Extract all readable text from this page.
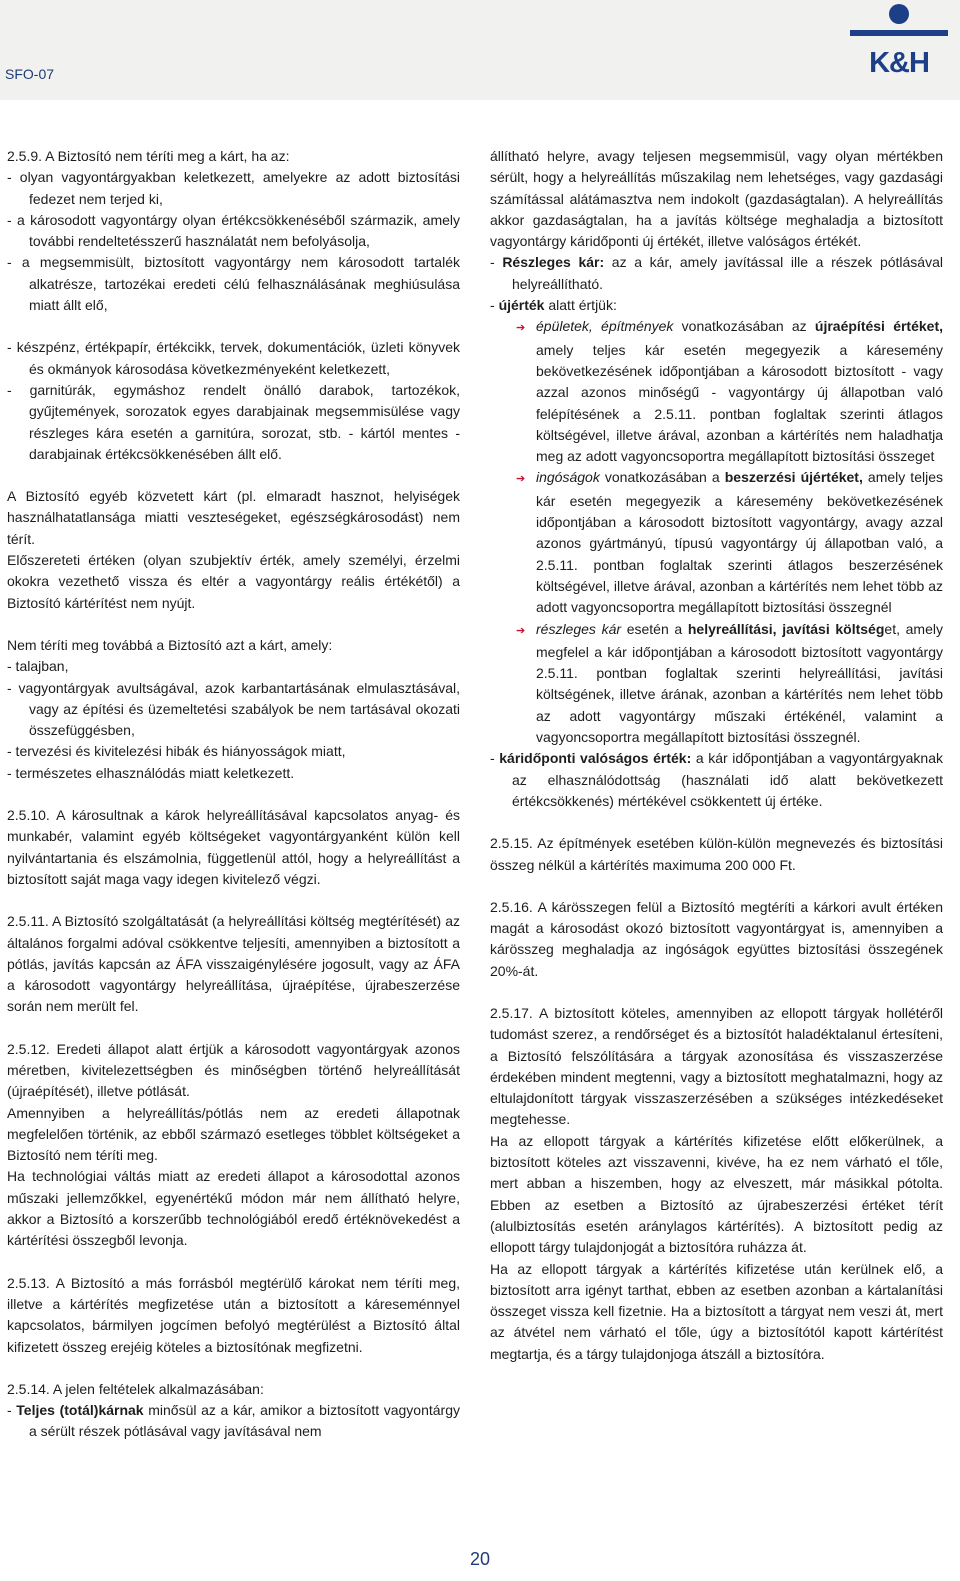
SFO-07	K&H

2.5.9. A Biztosító nem téríti meg a kárt, ha az:

- olyan vagyontárgyakban keletkezett, amelyekre az adott biztosítási fedezet nem terjed ki,

- a károsodott vagyontárgy olyan értékcsökkenéséből származik, amely további rendeltetésszerű használatát nem befolyásolja,

- a megsemmisült, biztosított vagyontárgy nem károsodott tartalék alkatrésze, tartozékai eredeti célú felhasználásának meghiúsulása miatt állt elő,

- készpénz, értékpapír, értékcikk, tervek, dokumentációk, üzleti könyvek és okmányok károsodása következményeként keletkezett,

- garnitúrák, egymáshoz rendelt önálló darabok, tartozékok, gyűjtemények, sorozatok egyes darabjainak megsemmisülése vagy részleges kára esetén a garnitúra, sorozat, stb. - kártól mentes - darabjainak értékcsökkenésében állt elő.

A Biztosító egyéb közvetett kárt (pl. elmaradt hasznot, helyiségek használhatatlansága miatti veszteségeket, egészségkárosodást) nem térít.

Előszereteti értéken (olyan szubjektív érték, amely személyi, érzelmi okokra vezethető vissza és eltér a vagyontárgy reális értékétől) a Biztosító kártérítést nem nyújt.

Nem téríti meg továbbá a Biztosító azt a kárt, amely:

- talajban,

- vagyontárgyak avultságával, azok karbantartásának elmulasztásával, vagy az építési és üzemeltetési szabályok be nem tartásával okozati összefüggésben,

- tervezési és kivitelezési hibák és hiányosságok miatt,

- természetes elhasználódás miatt keletkezett.

2.5.10. A károsultnak a károk helyreállításával kapcsolatos anyag- és munkabér, valamint egyéb költségeket vagyontárgyanként külön kell nyilvántartania és elszámolnia, függetlenül attól, hogy a helyreállítást a biztosított saját maga vagy idegen kivitelező végzi.

2.5.11. A Biztosító szolgáltatását (a helyreállítási költség megtérítését) az általános forgalmi adóval csökkentve teljesíti, amennyiben a biztosított a pótlás, javítás kapcsán az ÁFA visszaigénylésére jogosult, vagy az ÁFA a károsodott vagyontárgy helyreállítása, újraépítése, újrabeszerzése során nem merült fel.

2.5.12. Eredeti állapot alatt értjük a károsodott vagyontárgyak azonos méretben, kivitelezettségben és minőségben történő helyreállítását (újraépítését), illetve pótlását.

Amennyiben a helyreállítás/pótlás nem az eredeti állapotnak megfelelően történik, az ebből származó esetleges többlet költségeket a Biztosító nem téríti meg.

Ha technológiai váltás miatt az eredeti állapot a károsodottal azonos műszaki jellemzőkkel, egyenértékű módon már nem állítható helyre, akkor a Biztosító a korszerűbb technológiából eredő értéknövekedést a kártérítési összegből levonja.

2.5.13. A Biztosító a más forrásból megtérülő károkat nem téríti meg, illetve a kártérítés megfizetése után a biztosított a káreseménnyel kapcsolatos, bármilyen jogcímen befolyó megtérülést a Biztosító által kifizetett összeg erejéig köteles a biztosítónak megfizetni.

2.5.14. A jelen feltételek alkalmazásában:

- Teljes (totál)kárnak minősül az a kár, amikor a biztosított vagyontárgy a sérült részek pótlásával vagy javításával nem

állítható helyre, avagy teljesen megsemmisül, vagy olyan mértékben sérült, hogy a helyreállítás műszakilag nem lehetséges, vagy gazdasági számítással alátámasztva nem indokolt (gazdaságtalan). A helyreállítás akkor gazdaságtalan, ha a javítás költsége meghaladja a biztosított vagyontárgy káridőponti új értékét, illetve valóságos értékét.

- Részleges kár: az a kár, amely javítással ille a részek pótlásával helyreállítható.

- újérték alatt értjük:

➔ épületek, építmények vonatkozásában az újraépítési értéket, amely teljes kár esetén megegyezik a káresemény bekövetkezésének időpontjában a károsodott biztosított - vagy azzal azonos minőségű - vagyontárgy új állapotban való felépítésének a 2.5.11. pontban foglaltak szerinti átlagos költségével, illetve árával, azonban a kártérítés nem haladhatja meg az adott vagyoncsoportra megállapított biztosítási összeget

➔ ingóságok vonatkozásában a beszerzési újértéket, amely teljes kár esetén megegyezik a káresemény bekövetkezésének időpontjában a károsodott biztosított vagyontárgy, avagy azzal azonos gyártmányú, típusú vagyontárgy új állapotban való, a 2.5.11. pontban foglaltak szerinti átlagos beszerzésének költségével, illetve árával, azonban a kártérítés nem lehet több az adott vagyoncsoportra megállapított biztosítási összegnél

➔ részleges kár esetén a helyreállítási, javítási költséget, amely megfelel a kár időpontjában a károsodott biztosított vagyontárgy 2.5.11. pontban foglaltak szerinti helyreállítási, javítási költségének, illetve árának, azonban a kártérítés nem lehet több az adott vagyontárgy műszaki értékénél, valamint a vagyoncsoportra megállapított biztosítási összegnél.

- káridőponti valóságos érték: a kár időpontjában a vagyontárgyaknak az elhasználódottság (használati idő alatt bekövetkezett értékcsökkenés) mértékével csökkentett új értéke.

2.5.15. Az építmények esetében külön-külön megnevezés és biztosítási összeg nélkül a kártérítés maximuma 200 000 Ft.

2.5.16. A kárösszegen felül a Biztosító megtéríti a kárkori avult értéken magát a károsodást okozó biztosított vagyontárgyat is, amennyiben a kárösszeg meghaladja az ingóságok együttes biztosítási összegének 20%-át.

2.5.17. A biztosított köteles, amennyiben az ellopott tárgyak hollétéről tudomást szerez, a rendőrséget és a biztosítót haladéktalanul értesíteni, a Biztosító felszólítására a tárgyak azonosítása és visszaszerzése érdekében mindent megtenni, vagy a biztosított meghatalmazni, hogy az eltulajdonított tárgyak visszaszerzésében a szükséges intézkedéseket megtehesse.

Ha az ellopott tárgyak a kártérítés kifizetése előtt előkerülnek, a biztosított köteles azt visszavenni, kivéve, ha ez nem várható el tőle, mert abban a hiszemben, hogy az elveszett, már másikkal pótolta. Ebben az esetben a Biztosító az újrabeszerzési értéket térít (alulbiztosítás esetén aránylagos kártérítés). A biztosított pedig az ellopott tárgy tulajdonjogát a biztosítóra ruházza át.

Ha az ellopott tárgyak a kártérítés kifizetése után kerülnek elő, a biztosított arra igényt tarthat, ebben az esetben azonban a kártalanítási összeget vissza kell fizetnie. Ha a biztosított a tárgyat nem veszi át, mert az átvétel nem várható el tőle, úgy a biztosítótól kapott kártérítést megtartja, és a tárgy tulajdonjoga átszáll a biztosítóra.

20
